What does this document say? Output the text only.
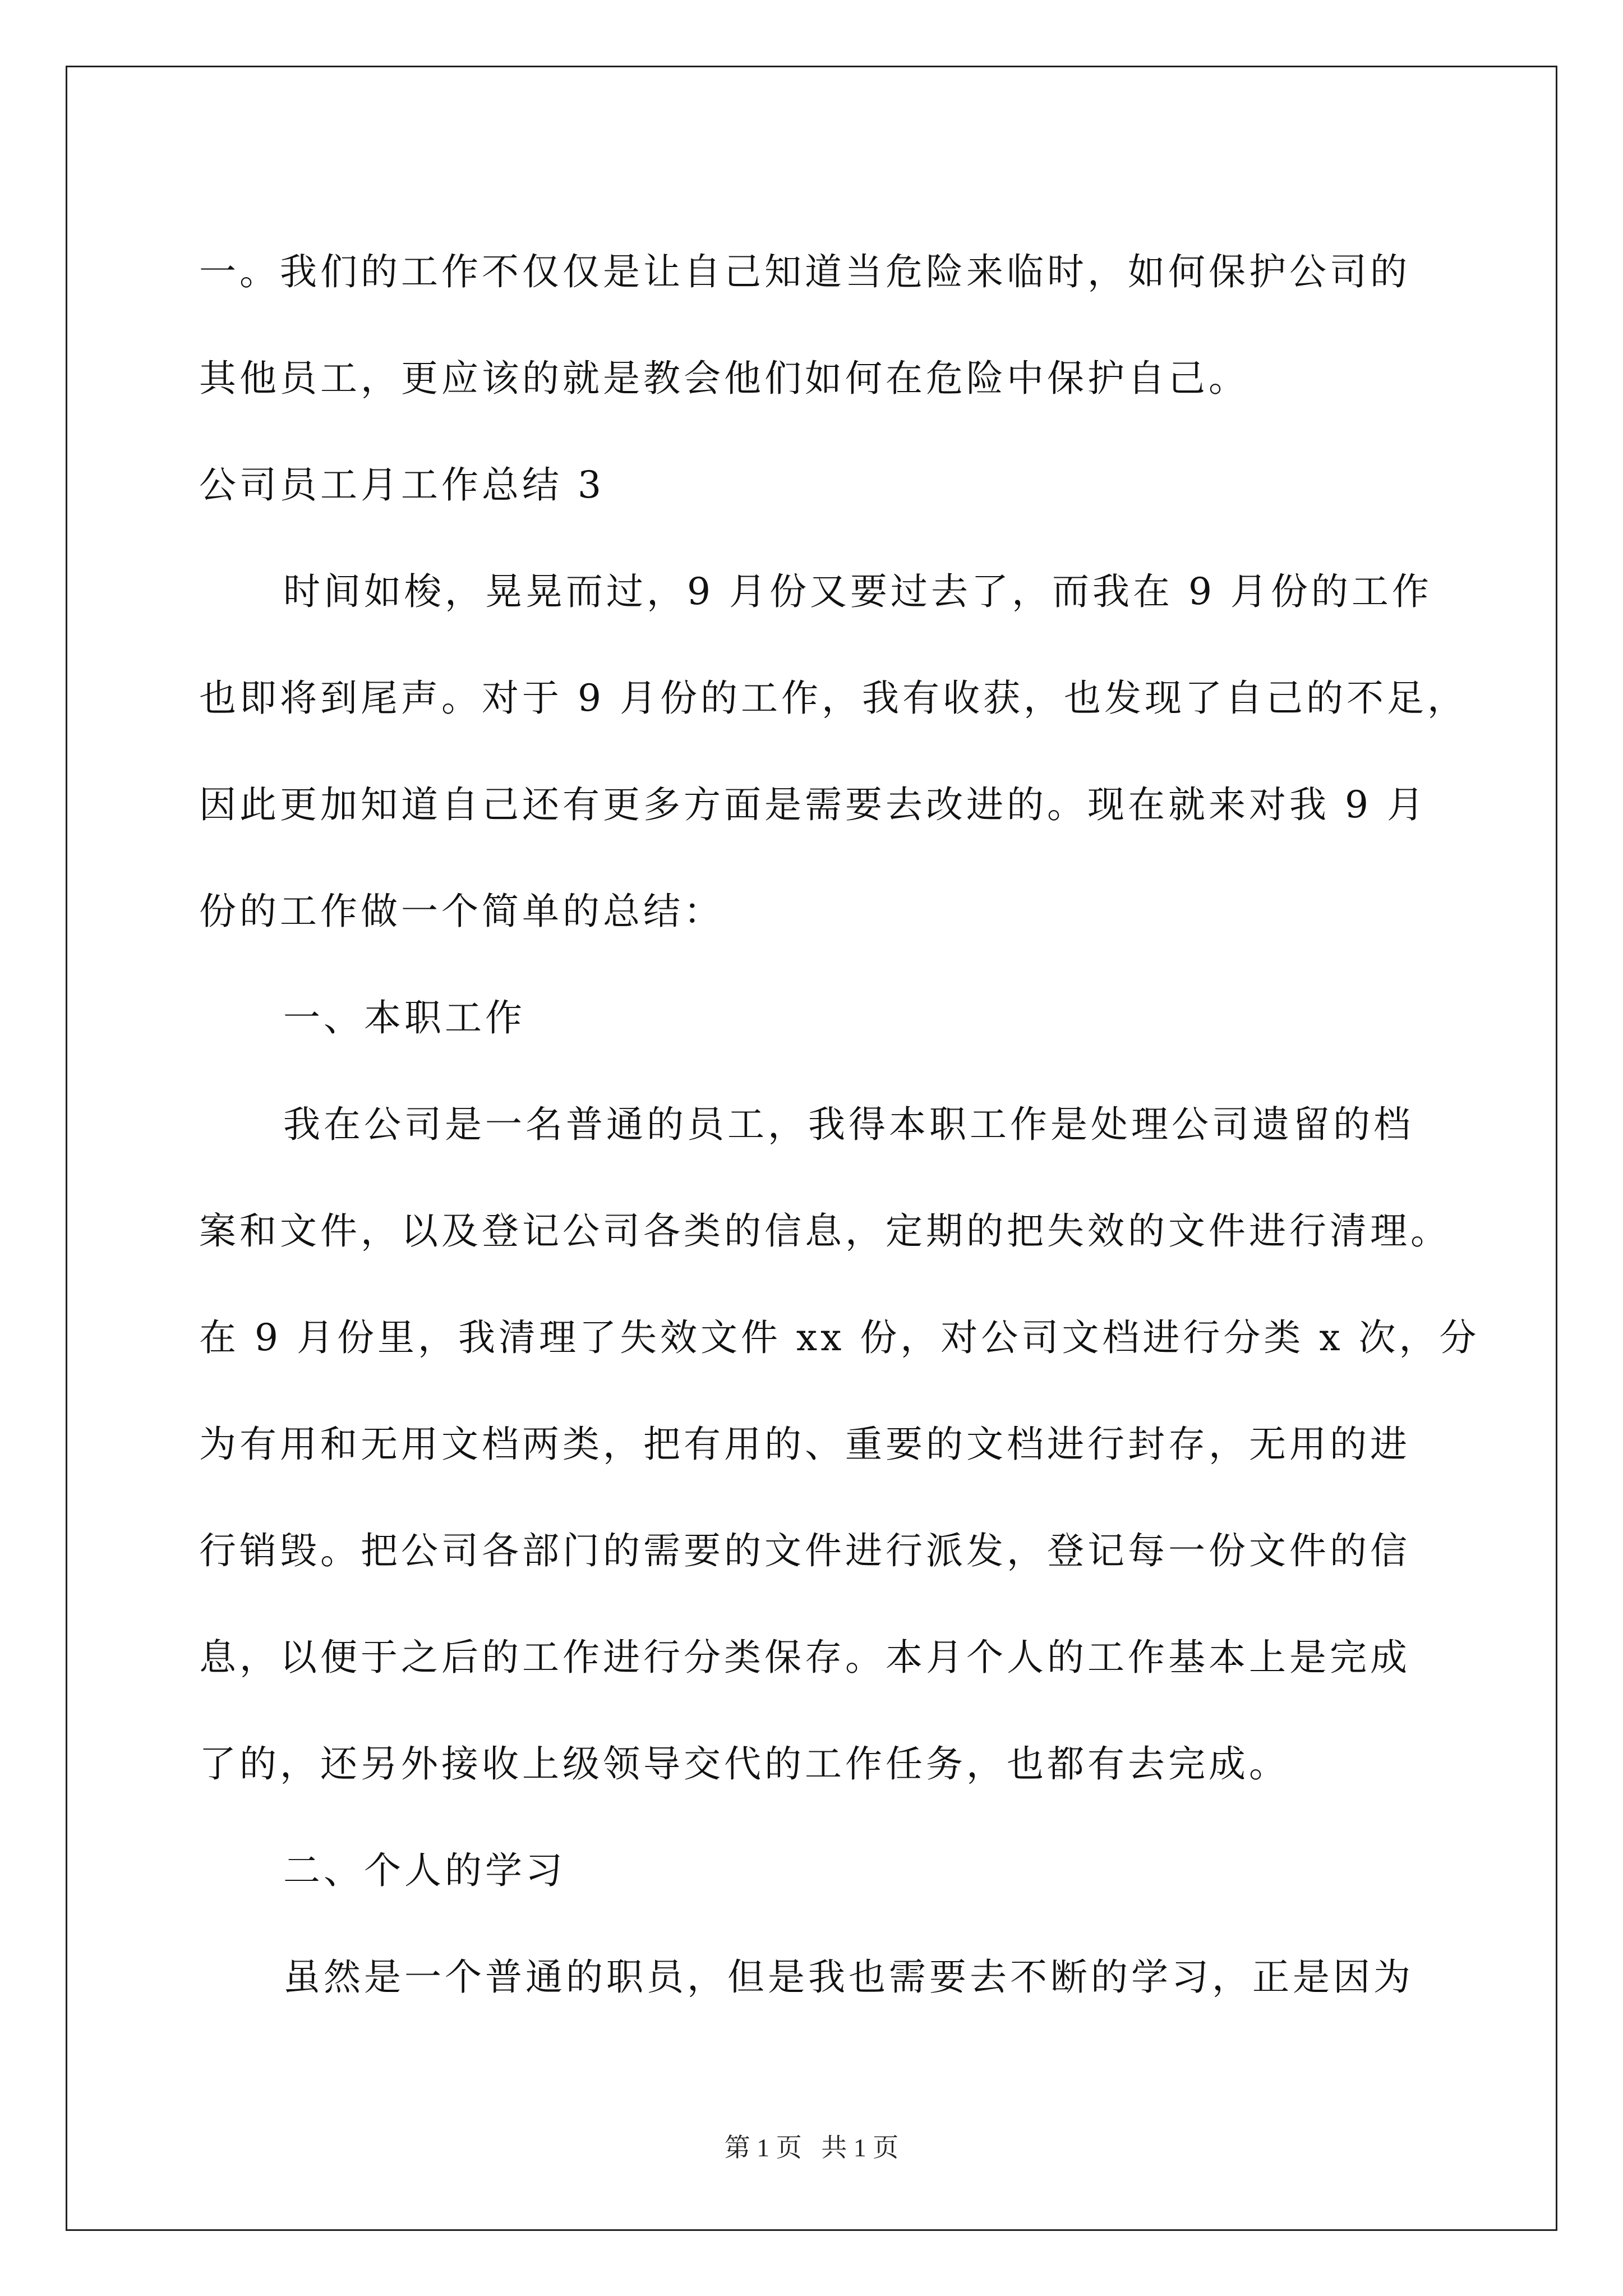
一。我们的工作不仅仅是让自己知道当危险来临时，如何保护公司的

其他员工，更应该的就是教会他们如何在危险中保护自己。

公司员工月工作总结 3

时间如梭，晃晃而过，9 月份又要过去了，而我在 9 月份的工作

也即将到尾声。对于 9 月份的工作，我有收获，也发现了自己的不足，

因此更加知道自己还有更多方面是需要去改进的。现在就来对我 9 月

份的工作做一个简单的总结：

一、本职工作

我在公司是一名普通的员工，我得本职工作是处理公司遗留的档

案和文件，以及登记公司各类的信息，定期的把失效的文件进行清理。

在 9 月份里，我清理了失效文件 xx 份，对公司文档进行分类 x 次，分

为有用和无用文档两类，把有用的、重要的文档进行封存，无用的进

行销毁。把公司各部门的需要的文件进行派发，登记每一份文件的信

息，以便于之后的工作进行分类保存。本月个人的工作基本上是完成

了的，还另外接收上级领导交代的工作任务，也都有去完成。

二、个人的学习

虽然是一个普通的职员，但是我也需要去不断的学习，正是因为

第 1 页   共 1 页
